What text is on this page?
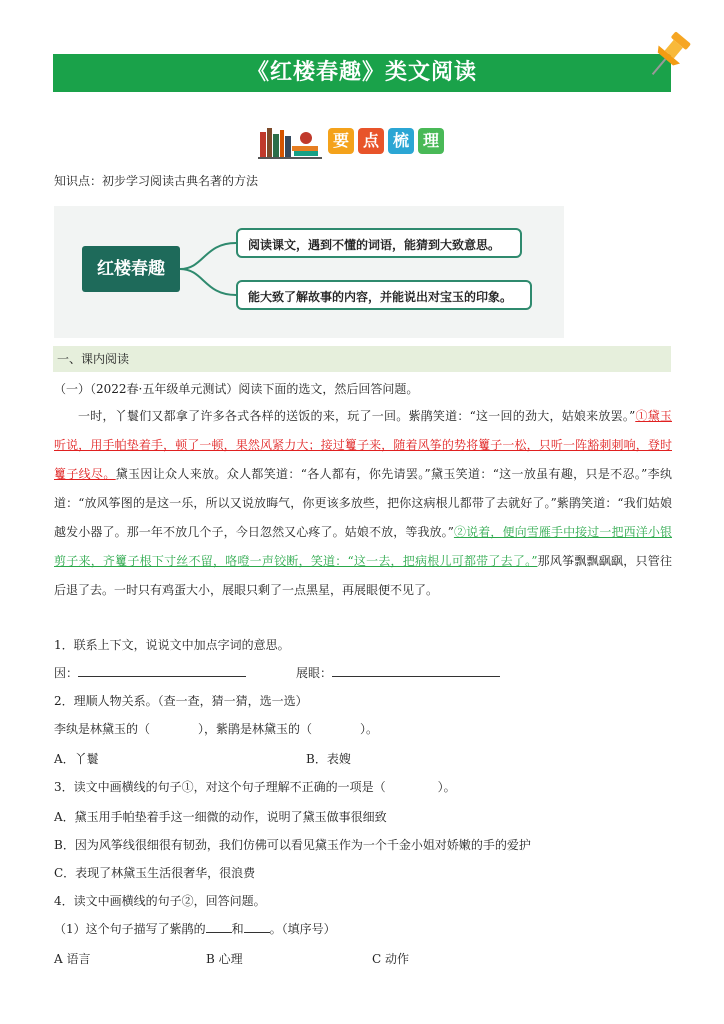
《红楼春趣》类文阅读
要 点 梳 理
知识点：初步学习阅读古典名著的方法
红楼春趣
阅读课文，遇到不懂的词语，能猜到大致意思。
能大致了解故事的内容，并能说出对宝玉的印象。
一、课内阅读
（一）（2022春·五年级单元测试）阅读下面的选文，然后回答问题。

一时，丫鬟们又都拿了许多各式各样的送饭的来，玩了一回。紫鹃笑道：“这一回的劲大，姑娘来放罢。”①黛玉听说，用手帕垫着手，顿了一顿，果然风紧力大；接过籰子来，随着风筝的势将籰子一松，只听一阵豁刺刺响，登时籰子线尽。黛玉因让众人来放。众人都笑道：“各人都有，你先请罢。”黛玉笑道：“这一放虽有趣，只是不忍。”李纨道：“放风筝图的是这一乐，所以又说放晦气，你更该多放些，把你这病根儿都带了去就好了。”紫鹃笑道：“我们姑娘越发小器了。那一年不放几个子，今日忽然又心疼了。姑娘不放，等我放。”②说着，便向雪雁手中接过一把西洋小银剪子来，齐籰子根下寸丝不留，咯噔一声铰断，笑道：“这一去，把病根儿可都带了去了。”那风筝飘飘飖飖，只管往后退了去。一时只有鸡蛋大小，展眼只剩了一点黑星，再展眼便不见了。

1．联系上下文，说说文中加点字词的意思。
因：	展眼：
2．理顺人物关系。（查一查，猜一猜，选一选）
李纨是林黛玉的（	），紫鹃是林黛玉的（	）。
A．丫鬟	B．表嫂
3．读文中画横线的句子①，对这个句子理解不正确的一项是（	）。
A．黛玉用手帕垫着手这一细微的动作，说明了黛玉做事很细致
B．因为风筝线很细很有韧劲，我们仿佛可以看见黛玉作为一个千金小姐对娇嫩的手的爱护
C．表现了林黛玉生活很奢华，很浪费
4．读文中画横线的句子②，回答问题。
（1）这个句子描写了紫鹃的 和 。（填序号）
A 语言	B 心理	C 动作
